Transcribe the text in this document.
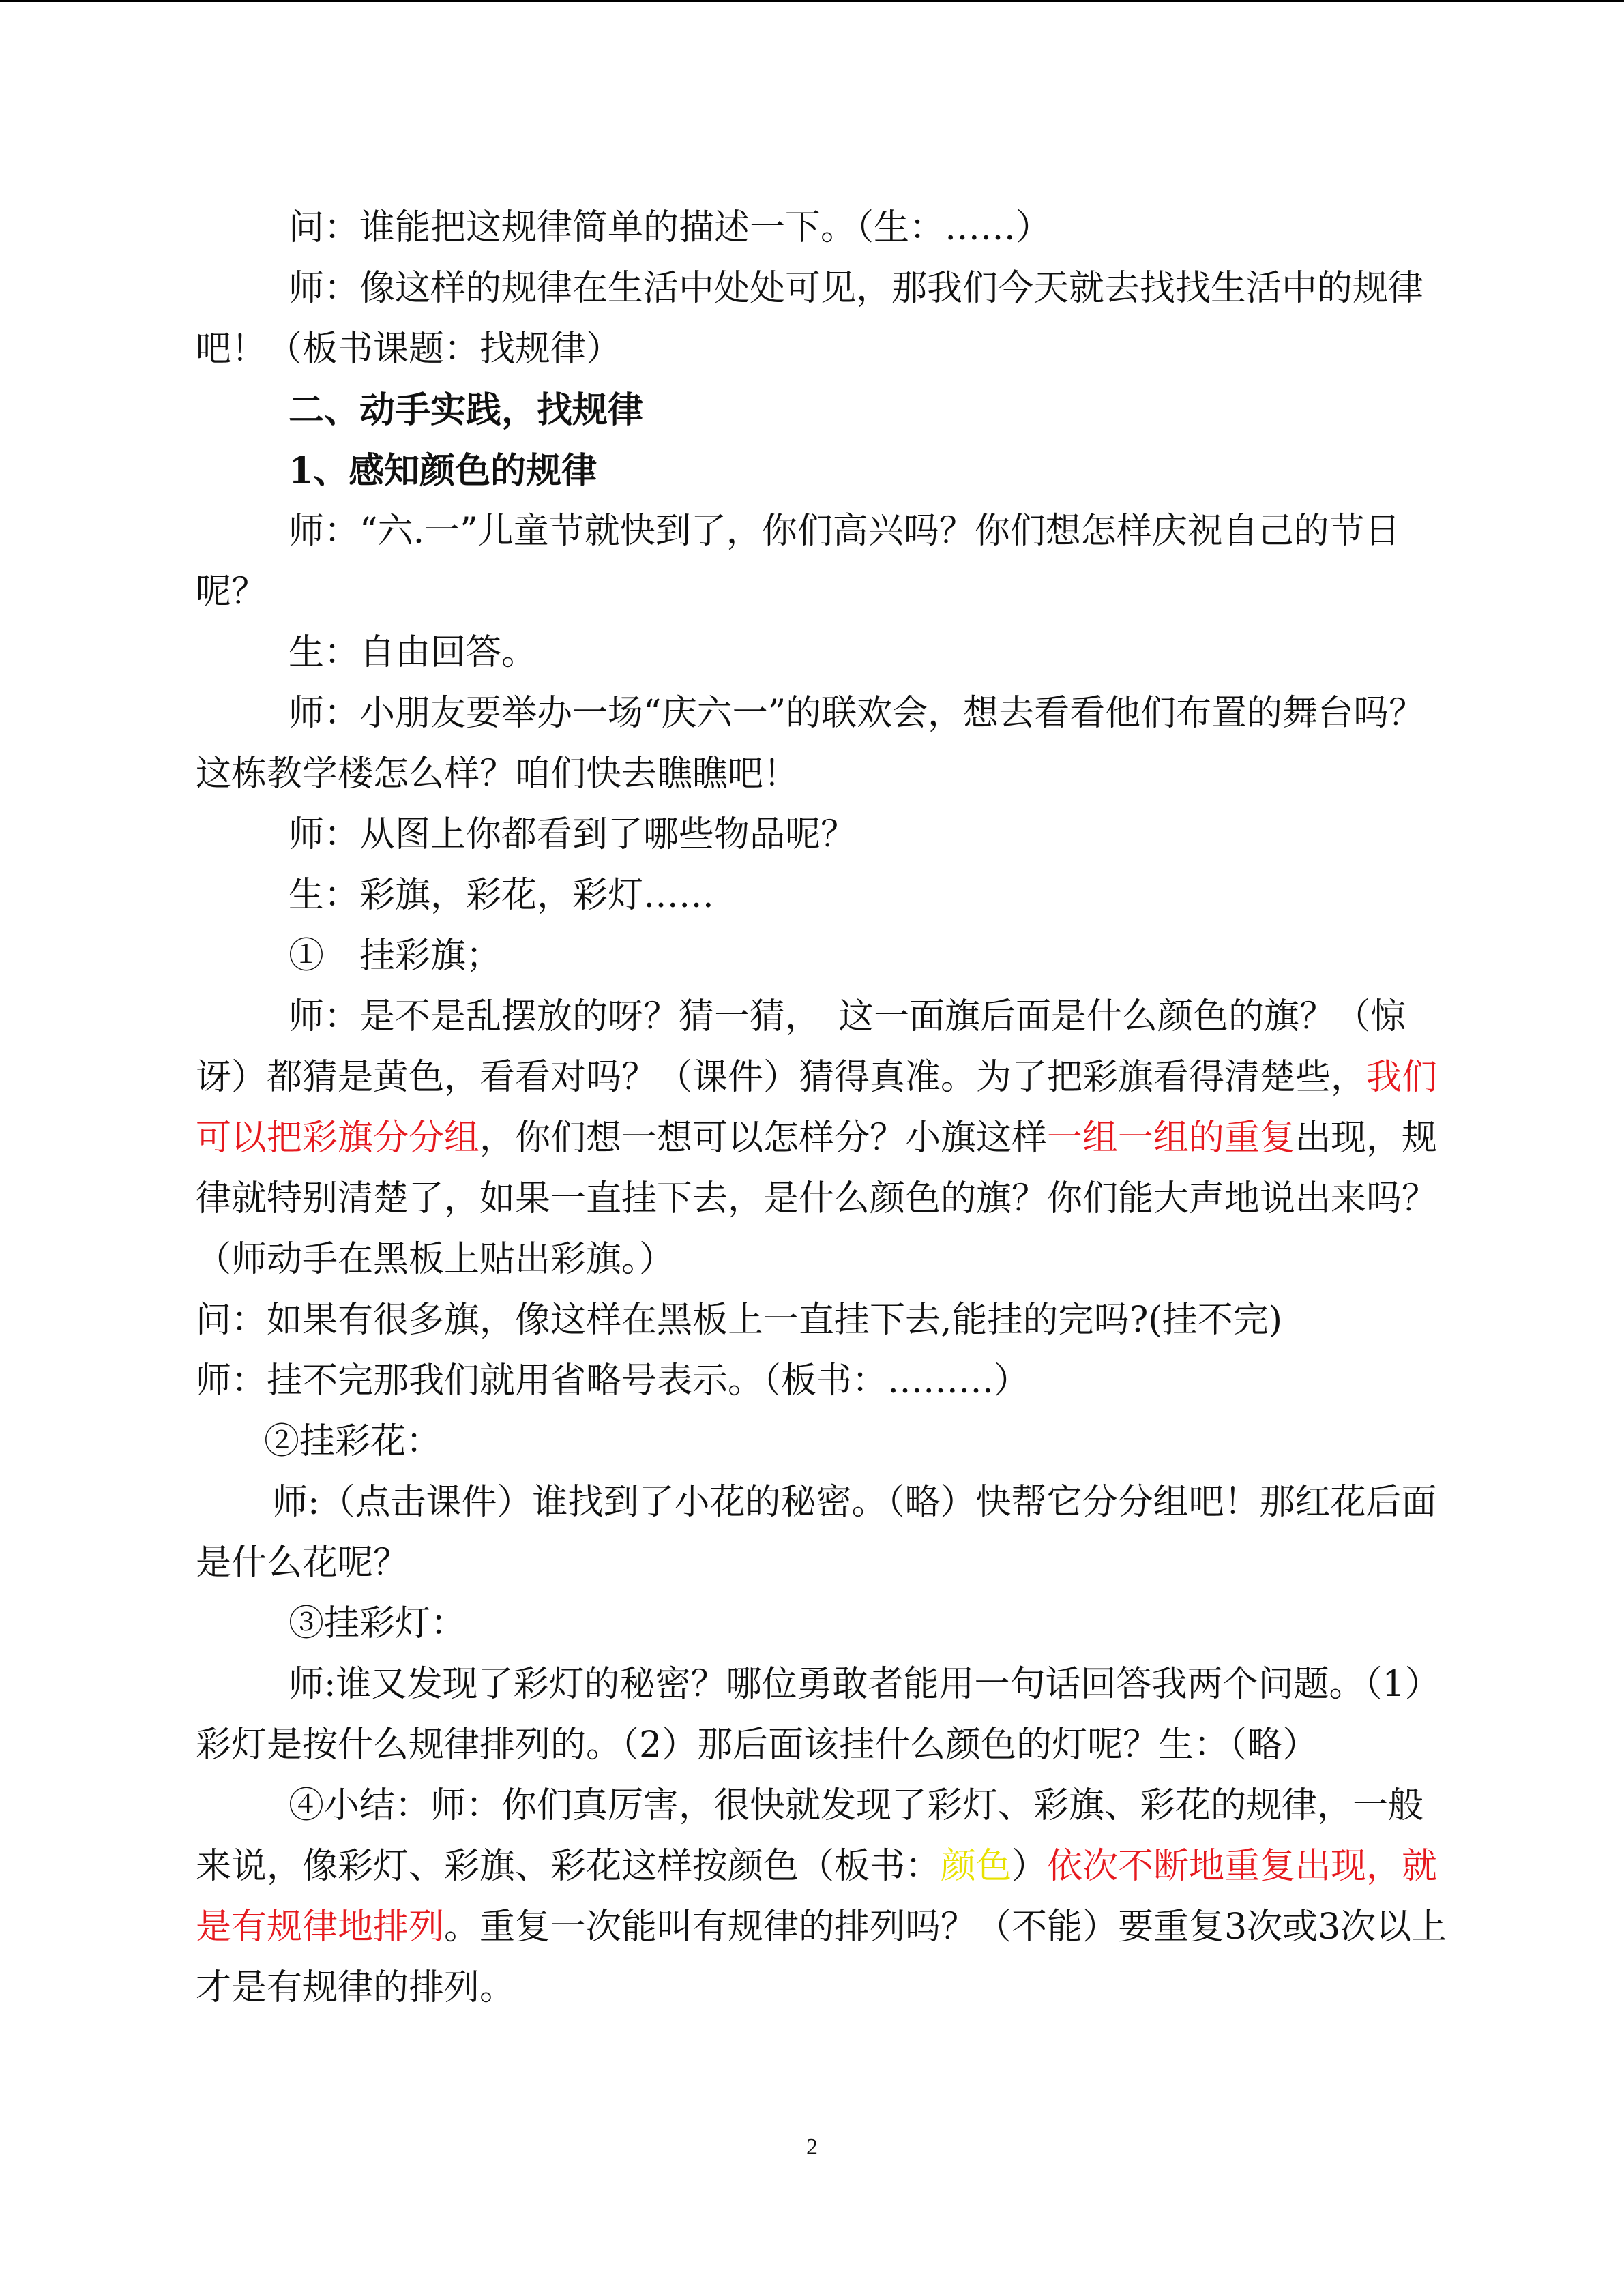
问：谁能把这规律简单的描述一下。（生：……）

师：像这样的规律在生活中处处可见，那我们今天就去找找生活中的规律吧！（板书课题：找规律）

二、动手实践，找规律

1、感知颜色的规律

师：“六.一”儿童节就快到了，你们高兴吗？你们想怎样庆祝自己的节日呢？

生：自由回答。

师：小朋友要举办一场“庆六一”的联欢会，想去看看他们布置的舞台吗？这栋教学楼怎么样？咱们快去瞧瞧吧！

师：从图上你都看到了哪些物品呢？

生：彩旗，彩花，彩灯……

①　挂彩旗；

师：是不是乱摆放的呀？猜一猜，　这一面旗后面是什么颜色的旗？（惊讶）都猜是黄色，看看对吗？（课件）猜得真准。为了把彩旗看得清楚些，我们可以把彩旗分分组，你们想一想可以怎样分？小旗这样一组一组的重复出现，规律就特别清楚了，如果一直挂下去，是什么颜色的旗？你们能大声地说出来吗？（师动手在黑板上贴出彩旗。）

问：如果有很多旗，像这样在黑板上一直挂下去,能挂的完吗?(挂不完)

师：挂不完那我们就用省略号表示。（板书：………）

②挂彩花：

师:（点击课件）谁找到了小花的秘密。（略）快帮它分分组吧！那红花后面是什么花呢？

③挂彩灯：

师:谁又发现了彩灯的秘密？哪位勇敢者能用一句话回答我两个问题。（1）彩灯是按什么规律排列的。（2）那后面该挂什么颜色的灯呢？生：（略）

④小结：师：你们真厉害，很快就发现了彩灯、彩旗、彩花的规律，一般来说，像彩灯、彩旗、彩花这样按颜色（板书：颜色）依次不断地重复出现，就是有规律地排列。重复一次能叫有规律的排列吗？（不能）要重复3次或3次以上才是有规律的排列。

2
